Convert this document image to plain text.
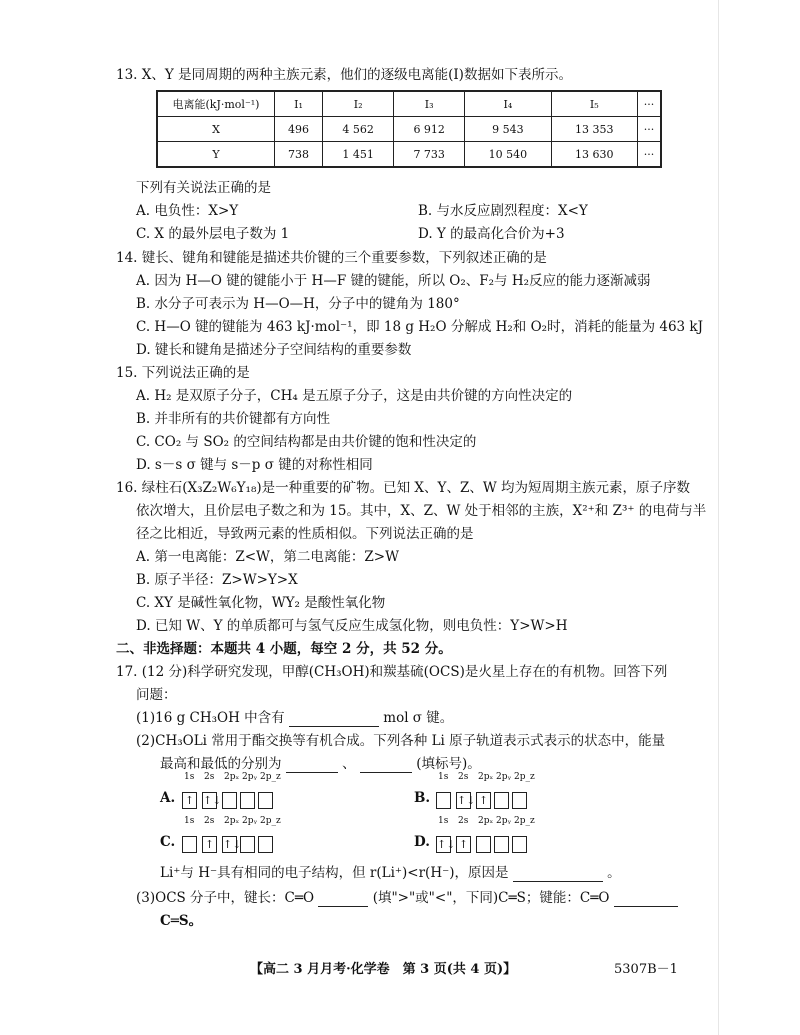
13. X、Y 是同周期的两种主族元素，他们的逐级电离能(I)数据如下表所示。
电离能(kJ·mol⁻¹)	I₁	I₂	I₃	I₄	I₅	···
X	496	4 562	6 912	9 543	13 353	···
Y	738	1 451	7 733	10 540	13 630	···
下列有关说法正确的是
A. 电负性：X>Y	B. 与水反应剧烈程度：X<Y
C. X 的最外层电子数为 1	D. Y 的最高化合价为+3
14. 键长、键角和键能是描述共价键的三个重要参数，下列叙述正确的是
A. 因为 H—O 键的键能小于 H—F 键的键能，所以 O₂、F₂与 H₂反应的能力逐渐减弱
B. 水分子可表示为 H—O—H，分子中的键角为 180°
C. H—O 键的键能为 463 kJ·mol⁻¹，即 18 g H₂O 分解成 H₂和 O₂时，消耗的能量为 463 kJ
D. 键长和键角是描述分子空间结构的重要参数
15. 下列说法正确的是
A. H₂ 是双原子分子，CH₄ 是五原子分子，这是由共价键的方向性决定的
B. 并非所有的共价键都有方向性
C. CO₂ 与 SO₂ 的空间结构都是由共价键的饱和性决定的
D. s－s σ 键与 s－p σ 键的对称性相同
16. 绿柱石(X₃Z₂W₆Y₁₈)是一种重要的矿物。已知 X、Y、Z、W 均为短周期主族元素，原子序数
依次增大，且价层电子数之和为 15。其中，X、Z、W 处于相邻的主族，X²⁺和 Z³⁺ 的电荷与半
径之比相近，导致两元素的性质相似。下列说法正确的是
A. 第一电离能：Z<W，第二电离能：Z>W
B. 原子半径：Z>W>Y>X
C. XY 是碱性氧化物，WY₂ 是酸性氧化物
D. 已知 W、Y 的单质都可与氢气反应生成氢化物，则电负性：Y>W>H
二、非选择题：本题共 4 小题，每空 2 分，共 52 分。
17. (12 分)科学研究发现，甲醇(CH₃OH)和羰基硫(OCS)是火星上存在的有机物。回答下列
问题：
(1)16 g CH₃OH 中含有	mol σ 键。
(2)CH₃OLi 常用于酯交换等有机合成。下列各种 Li 原子轨道表示式表示的状态中，能量
最高和最低的分别为	、	(填标号)。
A.
1s 2s 2pₓ 2pᵧ 2p_z
↑ ↑↓	B.
1s 2s 2pₓ 2pᵧ 2p_z
↑↓ ↑
C.
1s 2s 2pₓ 2pᵧ 2p_z
↑ ↑↓	D.
1s 2s 2pₓ 2pᵧ 2p_z
↑↓ ↑
Li⁺与 H⁻具有相同的电子结构，但 r(Li⁺)<r(H⁻)，原因是	。
(3)OCS 分子中，键长：C═O	(填">"或"<"，下同)C═S；键能：C═O
C═S。
【高二 3 月月考·化学卷　第 3 页(共 4 页)】	5307B－1
